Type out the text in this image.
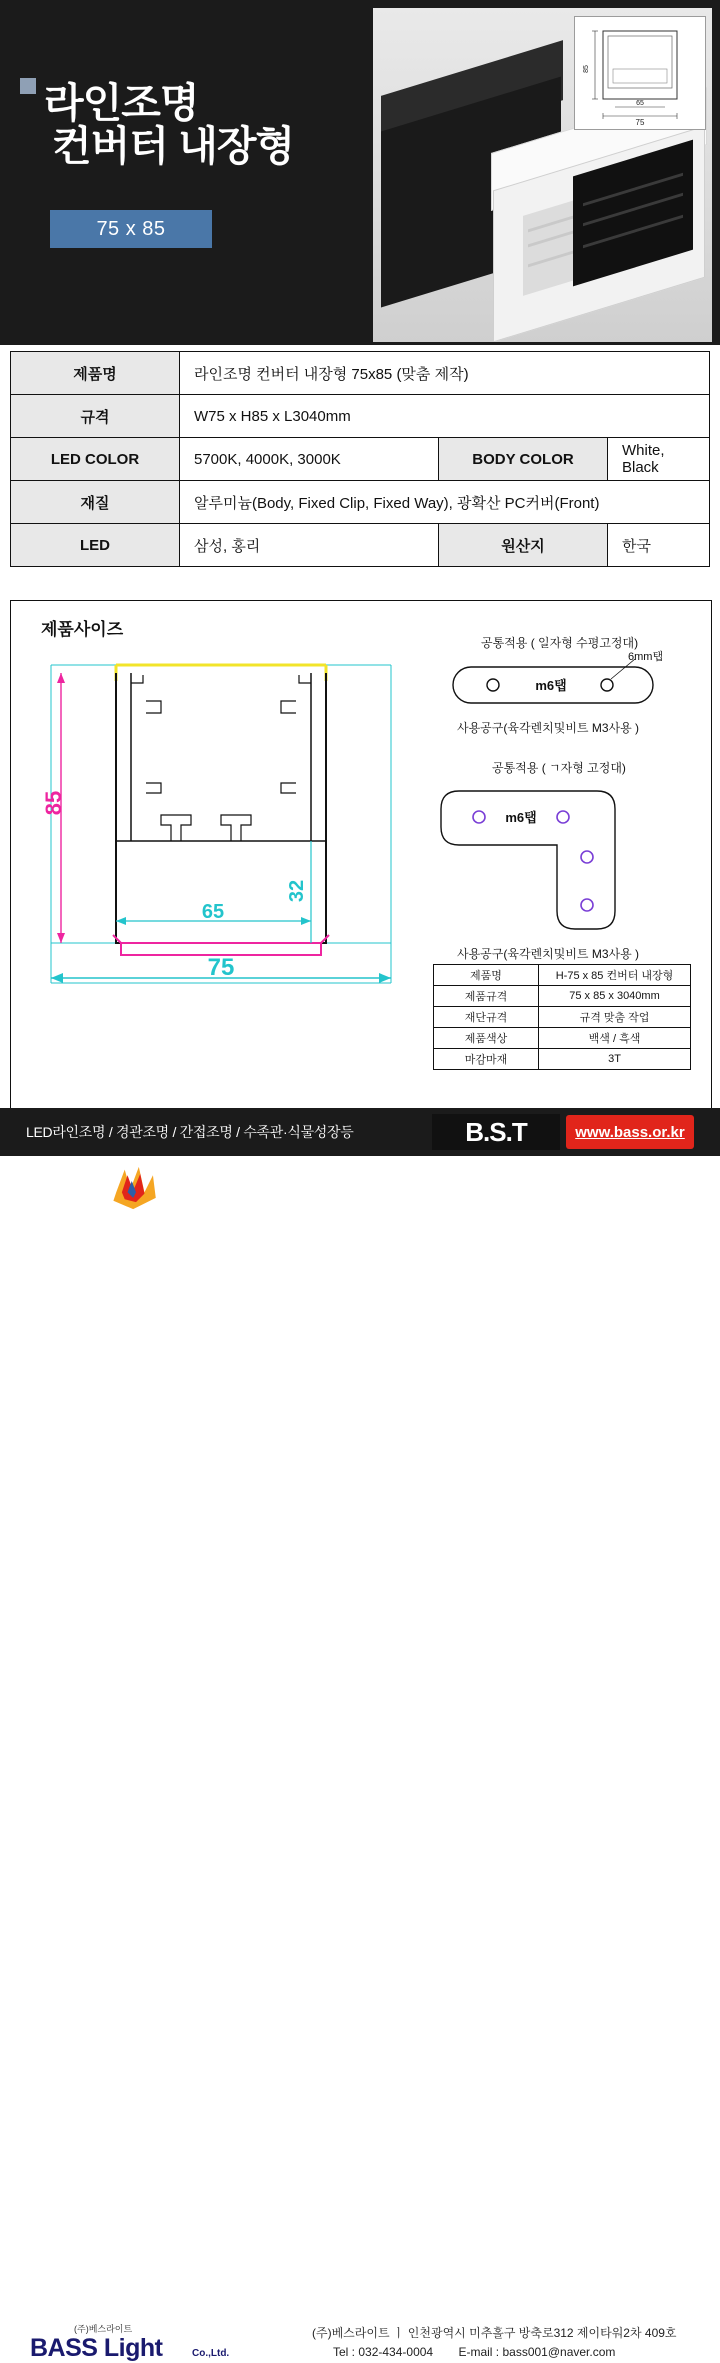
라인조명
컨버터 내장형
75 x 85
85
65
75
제품명	라인조명 컨버터 내장형 75x85 (맞춤 제작)		
규격	W75 x H85 x L3040mm		
LED COLOR	5700K, 4000K, 3000K	BODY COLOR	White, Black
재질	알루미늄(Body, Fixed Clip, Fixed Way), 광확산 PC커버(Front)		
LED	삼성, 홍리	원산지	한국
제품사이즈
85
65
32
75
공통적용 ( 일자형 수평고정대)
6mm탭
m6탭
사용공구(육각렌치및비트 M3사용 )
공통적용 ( ㄱ자형 고정대)
m6탭
사용공구(육각렌치및비트 M3사용 )
제품명	H-75 x 85 컨버터 내장형
제품규격	75 x 85 x 3040mm
재단규격	규격 맞춤 작업
제품색상	백색 / 흑색
마감마재	3T
LED라인조명 / 경관조명 / 간접조명 / 수족관·식물성장등	B.S.T	www.bass.or.kr
(주)베스라이트
BASS Light	Co.,Ltd.
(주)베스라이트 ㅣ 인천광역시 미추홀구 방축로312 제이타워2차 409호
Tel : 032-434-0004 E-mail : bass001@naver.com
